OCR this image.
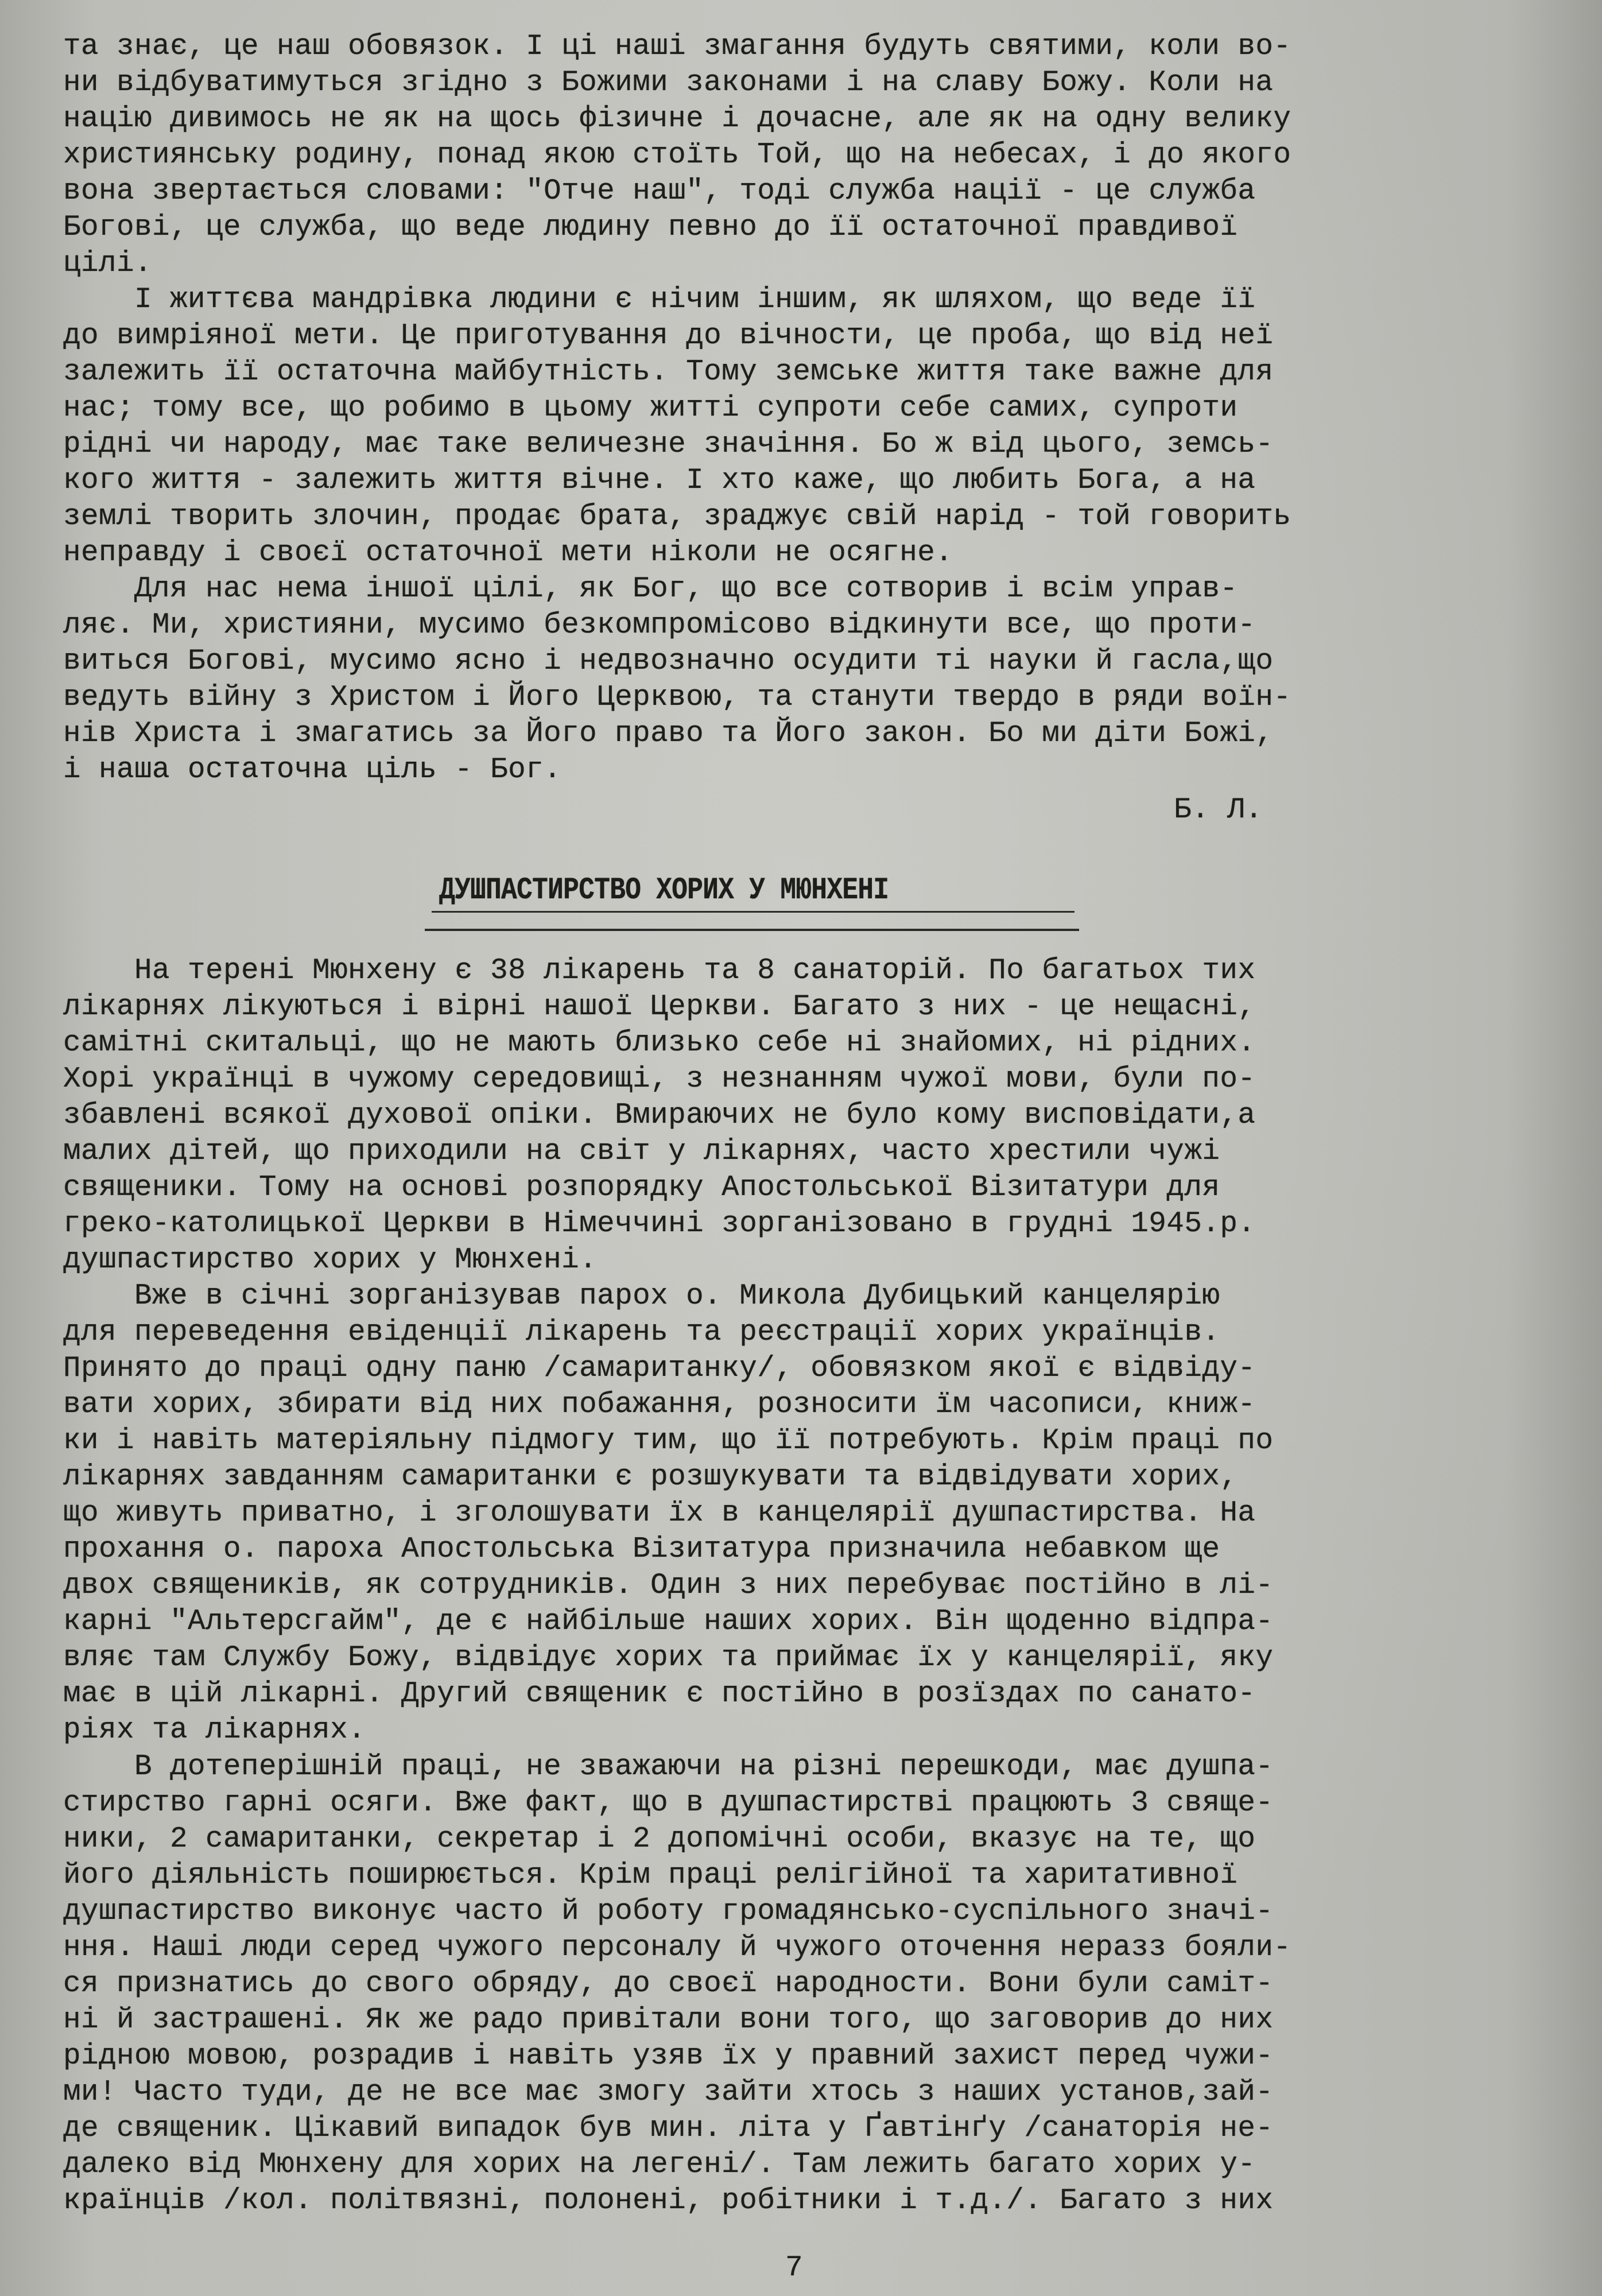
та знає, це наш обовязок. І ці наші змагання будуть святими, коли во-
ни відбуватимуться згідно з Божими законами і на славу Божу. Коли на
націю дивимось не як на щось фізичне і дочасне, але як на одну велику
християнську родину, понад якою стоїть Той, що на небесах, і до якого
вона звертається словами: "Отче наш", тоді служба нації - це служба
Богові, це служба, що веде людину певно до її остаточної правдивої
цілі.
І життєва мандрівка людини є нічим іншим, як шляхом, що веде її
до вимріяної мети. Це приготування до вічности, це проба, що від неї
залежить її остаточна майбутність. Тому земське життя таке важне для
нас; тому все, що робимо в цьому житті супроти себе самих, супроти
рідні чи народу, має таке величезне значіння. Бо ж від цього, земсь-
кого життя - залежить життя вічне. І хто каже, що любить Бога, а на
землі творить злочин, продає брата, зраджує свій нарід - той говорить
неправду і своєї остаточної мети ніколи не осягне.
Для нас нема іншої цілі, як Бог, що все сотворив і всім управ-
ляє. Ми, християни, мусимо безкомпромісово відкинути все, що проти-
виться Богові, мусимо ясно і недвозначно осудити ті науки й гасла,що
ведуть війну з Христом і Його Церквою, та станути твердо в ряди воїн-
нів Христа і змагатись за Його право та Його закон. Бо ми діти Божі,
і наша остаточна ціль - Бог.
Б. Л.
ДУШПАСТИРСТВО ХОРИХ У МЮНХЕНІ
На терені Мюнхену є 38 лікарень та 8 санаторій. По багатьох тих
лікарнях лікуються і вірні нашої Церкви. Багато з них - це нещасні,
самітні скитальці, що не мають близько себе ні знайомих, ні рідних.
Хорі українці в чужому середовищі, з незнанням чужої мови, були по-
збавлені всякої духової опіки. Вмираючих не було кому висповідати,а
малих дітей, що приходили на світ у лікарнях, часто хрестили чужі
священики. Тому на основі розпорядку Апостольської Візитатури для
греко-католицької Церкви в Німеччині зорганізовано в грудні 1945.р.
душпастирство хорих у Мюнхені.
Вже в січні зорганізував парох о. Микола Дубицький канцелярію
для переведення евіденції лікарень та реєстрації хорих українців.
Принято до праці одну паню /самаританку/, обовязком якої є відвіду-
вати хорих, збирати від них побажання, розносити їм часописи, книж-
ки і навіть матеріяльну підмогу тим, що її потребують. Крім праці по
лікарнях завданням самаританки є розшукувати та відвідувати хорих,
що живуть приватно, і зголошувати їх в канцелярії душпастирства. На
прохання о. пароха Апостольська Візитатура призначила небавком ще
двох священиків, як сотрудників. Один з них перебуває постійно в лі-
карні "Альтерсгайм", де є найбільше наших хорих. Він щоденно відпра-
вляє там Службу Божу, відвідує хорих та приймає їх у канцелярії, яку
має в цій лікарні. Другий священик є постійно в розїздах по санато-
ріях та лікарнях.
В дотеперішній праці, не зважаючи на різні перешкоди, має душпа-
стирство гарні осяги. Вже факт, що в душпастирстві працюють 3 свяще-
ники, 2 самаританки, секретар і 2 допомічні особи, вказує на те, що
його діяльність поширюється. Крім праці релігійної та харитативної
душпастирство виконує часто й роботу громадянсько-суспільного значі-
ння. Наші люди серед чужого персоналу й чужого оточення неразз бояли-
ся признатись до свого обряду, до своєї народности. Вони були саміт-
ні й застрашені. Як же радо привітали вони того, що заговорив до них
рідною мовою, розрадив і навіть узяв їх у правний захист перед чужи-
ми! Часто туди, де не все має змогу зайти хтось з наших установ,зай-
де священик. Цікавий випадок був мин. літа у Ґавтінґу /санаторія не-
далеко від Мюнхену для хорих на легені/. Там лежить багато хорих у-
країнців /кол. політвязні, полонені, робітники і т.д./. Багато з них
7
